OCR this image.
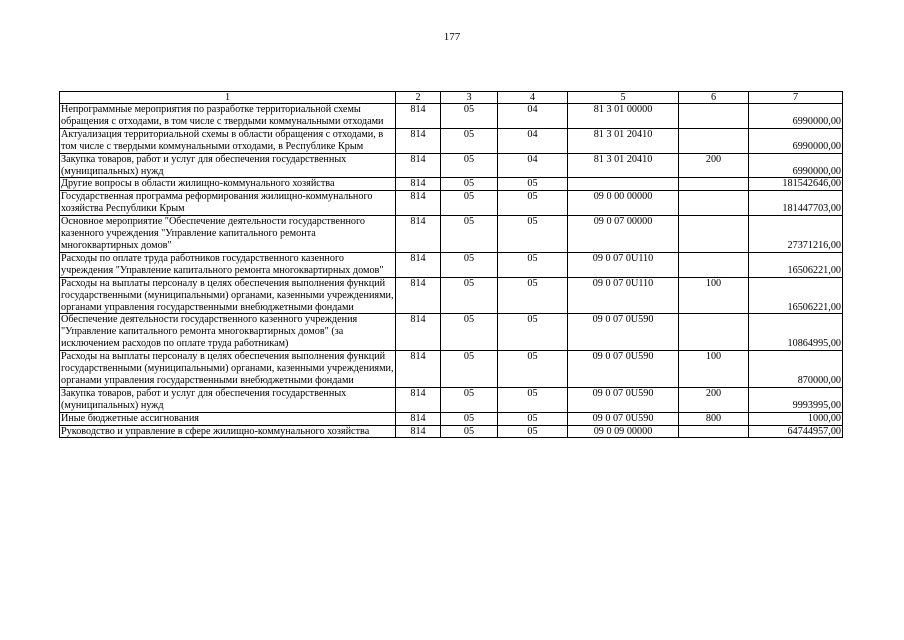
177
1	2	3	4	5	6	7
Непрограммные мероприятия по разработке территориальной схемы обращения с отходами, в том числе с твердыми коммунальными отходами	814	05	04	81 3 01 00000		6990000,00
Актуализация территориальной схемы в области обращения с отходами, в том числе с твердыми коммунальными отходами, в Республике Крым	814	05	04	81 3 01 20410		6990000,00
Закупка товаров, работ и услуг для обеспечения государственных (муниципальных) нужд	814	05	04	81 3 01 20410	200	6990000,00
Другие вопросы в области жилищно-коммунального хозяйства	814	05	05			181542646,00
Государственная программа реформирования жилищно-коммунального хозяйства Республики Крым	814	05	05	09 0 00 00000		181447703,00
Основное мероприятие "Обеспечение деятельности государственного казенного учреждения "Управление капитального ремонта многоквартирных домов"	814	05	05	09 0 07 00000		27371216,00
Расходы по оплате труда работников государственного казенного учреждения "Управление капитального ремонта многоквартирных домов"	814	05	05	09 0 07 0U110		16506221,00
Расходы на выплаты персоналу в целях обеспечения выполнения функций государственными (муниципальными) органами, казенными учреждениями, органами управления государственными внебюджетными фондами	814	05	05	09 0 07 0U110	100	16506221,00
Обеспечение деятельности государственного казенного учреждения "Управление капитального ремонта многоквартирных домов" (за исключением расходов по оплате труда работникам)	814	05	05	09 0 07 0U590		10864995,00
Расходы на выплаты персоналу в целях обеспечения выполнения функций государственными (муниципальными) органами, казенными учреждениями, органами управления государственными внебюджетными фондами	814	05	05	09 0 07 0U590	100	870000,00
Закупка товаров, работ и услуг для обеспечения государственных (муниципальных) нужд	814	05	05	09 0 07 0U590	200	9993995,00
Иные бюджетные ассигнования	814	05	05	09 0 07 0U590	800	1000,00
Руководство и управление в сфере жилищно-коммунального хозяйства	814	05	05	09 0 09 00000		64744957,00
